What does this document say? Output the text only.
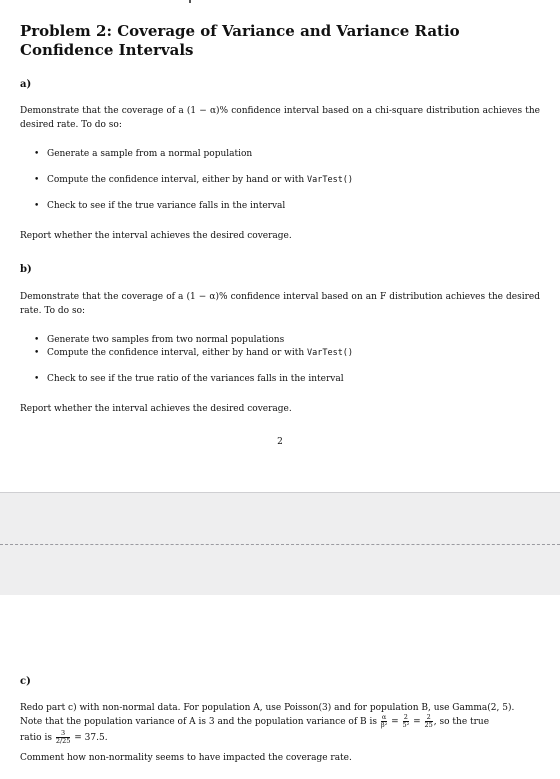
Problem 2: Coverage of Variance and Variance Ratio Confidence Intervals
a)

Demonstrate that the coverage of a (1 − α)% confidence interval based on a chi-square distribution achieves the desired rate. To do so:

• Generate a sample from a normal population
• Compute the confidence interval, either by hand or with VarTest()
• Check to see if the true variance falls in the interval

Report whether the interval achieves the desired coverage.

b)

Demonstrate that the coverage of a (1 − α)% confidence interval based on an F distribution achieves the desired rate. To do so:

• Generate two samples from two normal populations
• Compute the confidence interval, either by hand or with VarTest()
• Check to see if the true ratio of the variances falls in the interval

Report whether the interval achieves the desired coverage.

2
c)

Redo part c) with non-normal data. For population A, use Poisson(3) and for population B, use Gamma(2, 5).

Note that the population variance of A is 3 and the population variance of B is $\frac{\alpha}{\text{β²}} = \frac{2}{\text{5²}} = \frac{2}{25}$ , so the true

ratio is $\frac{3}{2/25} = 37.5$.

Comment how non-normality seems to have impacted the coverage rate.
